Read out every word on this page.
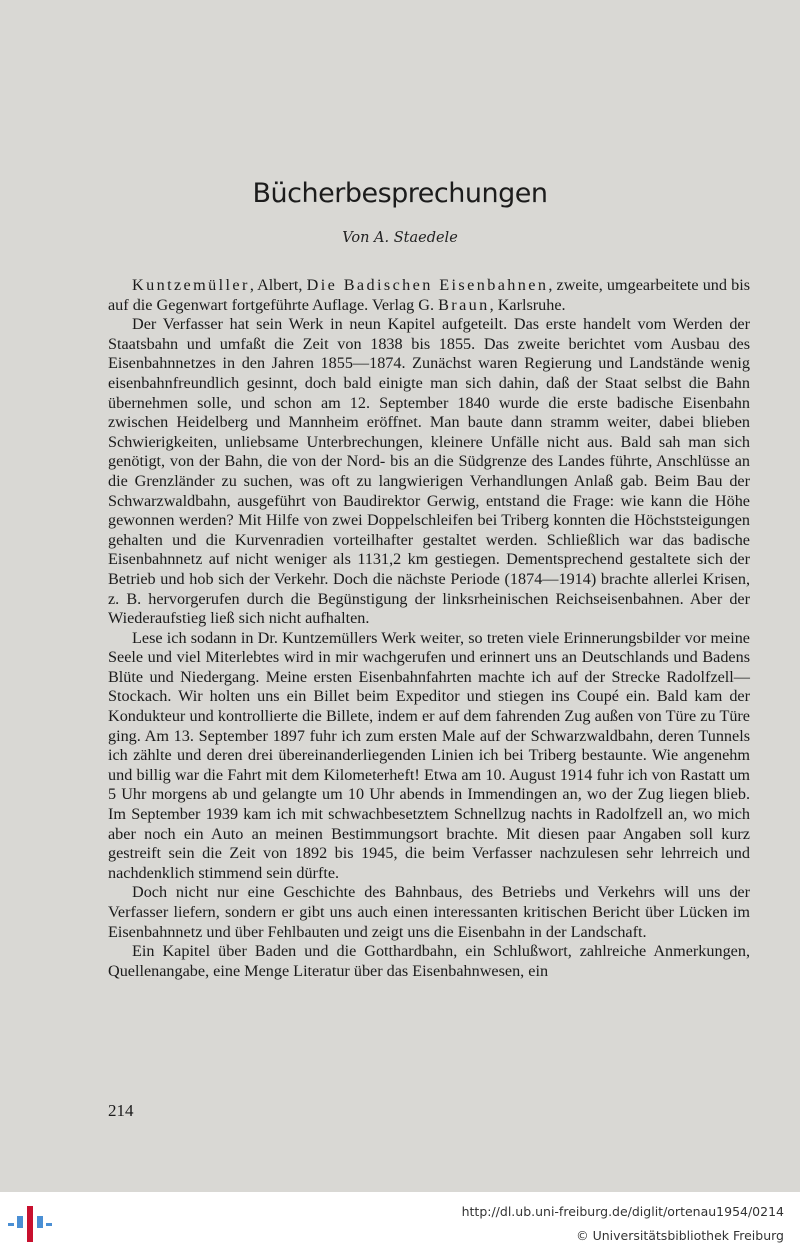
Bücherbesprechungen
Von A. Staedele

Kuntzemüller, Albert, Die Badischen Eisenbahnen, zweite, umgearbeitete und bis auf die Gegenwart fortgeführte Auflage. Verlag G. Braun, Karlsruhe.

Der Verfasser hat sein Werk in neun Kapitel aufgeteilt. Das erste handelt vom Werden der Staatsbahn und umfaßt die Zeit von 1838 bis 1855. Das zweite berichtet vom Ausbau des Eisenbahnnetzes in den Jahren 1855—1874. Zunächst waren Regierung und Landstände wenig eisenbahnfreundlich gesinnt, doch bald einigte man sich dahin, daß der Staat selbst die Bahn übernehmen solle, und schon am 12. September 1840 wurde die erste badische Eisenbahn zwischen Heidelberg und Mannheim eröffnet. Man baute dann stramm weiter, dabei blieben Schwierigkeiten, unliebsame Unterbrechungen, kleinere Unfälle nicht aus. Bald sah man sich genötigt, von der Bahn, die von der Nord- bis an die Südgrenze des Landes führte, Anschlüsse an die Grenzländer zu suchen, was oft zu langwierigen Verhandlungen Anlaß gab. Beim Bau der Schwarzwaldbahn, ausgeführt von Baudirektor Gerwig, entstand die Frage: wie kann die Höhe gewonnen werden? Mit Hilfe von zwei Doppelschleifen bei Triberg konnten die Höchststeigungen gehalten und die Kurvenradien vorteilhafter gestaltet werden. Schließlich war das badische Eisenbahnnetz auf nicht weniger als 1131,2 km gestiegen. Dementsprechend gestaltete sich der Betrieb und hob sich der Verkehr. Doch die nächste Periode (1874—1914) brachte allerlei Krisen, z. B. hervorgerufen durch die Begünstigung der linksrheinischen Reichseisenbahnen. Aber der Wiederaufstieg ließ sich nicht aufhalten.

Lese ich sodann in Dr. Kuntzemüllers Werk weiter, so treten viele Erinnerungsbilder vor meine Seele und viel Miterlebtes wird in mir wachgerufen und erinnert uns an Deutschlands und Badens Blüte und Niedergang. Meine ersten Eisenbahnfahrten machte ich auf der Strecke Radolfzell—Stockach. Wir holten uns ein Billet beim Expeditor und stiegen ins Coupé ein. Bald kam der Kondukteur und kontrollierte die Billete, indem er auf dem fahrenden Zug außen von Türe zu Türe ging. Am 13. September 1897 fuhr ich zum ersten Male auf der Schwarzwaldbahn, deren Tunnels ich zählte und deren drei übereinanderliegenden Linien ich bei Triberg bestaunte. Wie angenehm und billig war die Fahrt mit dem Kilometerheft! Etwa am 10. August 1914 fuhr ich von Rastatt um 5 Uhr morgens ab und gelangte um 10 Uhr abends in Immendingen an, wo der Zug liegen blieb. Im September 1939 kam ich mit schwachbesetztem Schnellzug nachts in Radolfzell an, wo mich aber noch ein Auto an meinen Bestimmungsort brachte. Mit diesen paar Angaben soll kurz gestreift sein die Zeit von 1892 bis 1945, die beim Verfasser nachzulesen sehr lehrreich und nachdenklich stimmend sein dürfte.

Doch nicht nur eine Geschichte des Bahnbaus, des Betriebs und Verkehrs will uns der Verfasser liefern, sondern er gibt uns auch einen interessanten kritischen Bericht über Lücken im Eisenbahnnetz und über Fehlbauten und zeigt uns die Eisenbahn in der Landschaft.

Ein Kapitel über Baden und die Gotthardbahn, ein Schlußwort, zahlreiche Anmerkungen, Quellenangabe, eine Menge Literatur über das Eisenbahnwesen, ein

214
http://dl.ub.uni-freiburg.de/diglit/ortenau1954/0214
© Universitätsbibliothek Freiburg
